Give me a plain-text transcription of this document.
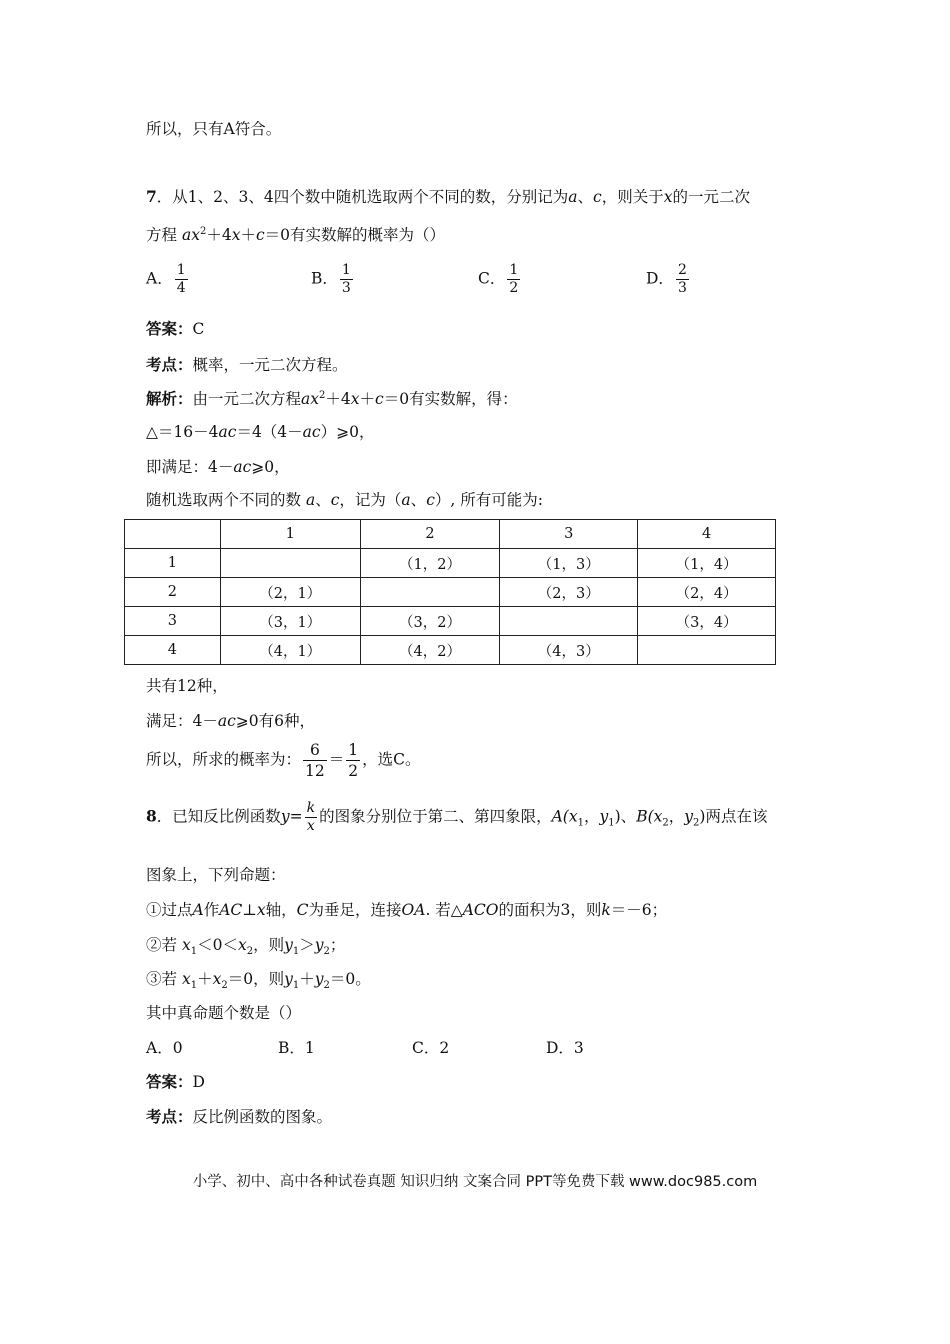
所以，只有A符合。
7．从1、2、3、4四个数中随机选取两个不同的数，分别记为a、c，则关于x的一元二次
方程 $ax^2+4x+c=0$有实数解的概率为（）
A． $\frac{1}{4}$	B． $\frac{1}{3}$	C． $\frac{1}{2}$	D． $\frac{2}{3}$
答案：C
考点：概率，一元二次方程。
解析：由一元二次方程$ax^2+4x+c=0$有实数解，得：
△＝16－4ac＝4（4－ac）⩾0，
即满足：4－ac⩾0，
随机选取两个不同的数 a、c，记为（a、c）, 所有可能为:
	1	2	3	4
1		（1，2）	（1，3）	（1，4）
2	（2，1）		（2，3）	（2，4）
3	（3，1）	（3，2）		（3，4）
4	（4，1）	（4，2）	（4，3）	
共有12种，
满足：4－ac⩾0有6种，
所以，所求的概率为： $\frac{6}{12} = \frac{1}{2}$ ，选C。
8．已知反比例函数$y= \frac{k}{x}$ 的图象分别位于第二、第四象限，$A(x_1$，$y_1$)、$B(x_2$，$y_2$)两点在该
图象上，下列命题：
①过点A作AC⊥x轴，C为垂足，连接OA. 若△ACO的面积为3，则k＝－6；
②若 $x_1<0<x_2$，则$y_1>y_2$；
③若 $x_1+x_2=0$，则$y_1+y_2=0$。
其中真命题个数是（）
A．0	B．1	C．2	D．3
答案：D
考点：反比例函数的图象。
小学、初中、高中各种试卷真题 知识归纳 文案合同 PPT等免费下载 www.doc985.com
